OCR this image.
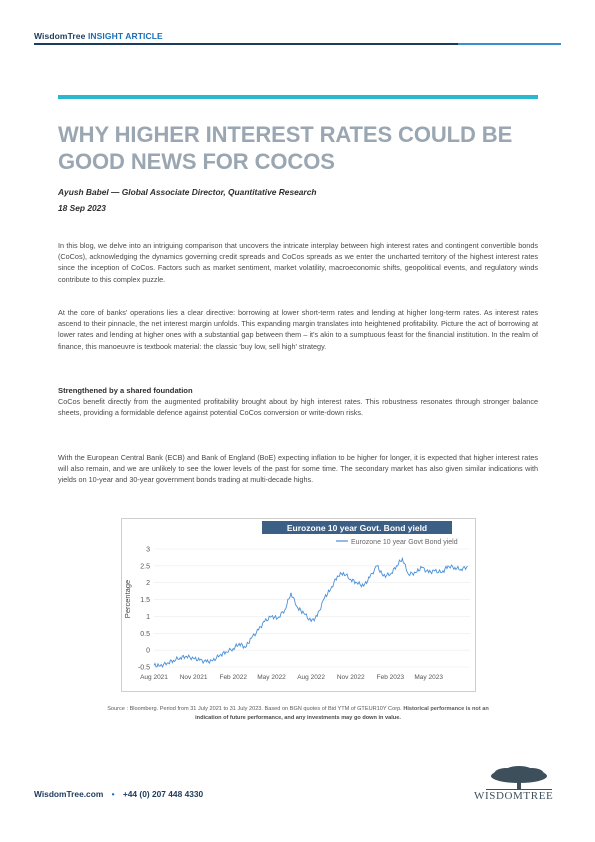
WisdomTree INSIGHT ARTICLE
WHY HIGHER INTEREST RATES COULD BE GOOD NEWS FOR COCOS
Ayush Babel — Global Associate Director, Quantitative Research
18 Sep 2023

In this blog, we delve into an intriguing comparison that uncovers the intricate interplay between high interest rates and contingent convertible bonds (CoCos), acknowledging the dynamics governing credit spreads and CoCos spreads as we enter the uncharted territory of the highest interest rates since the inception of CoCos. Factors such as market sentiment, market volatility, macroeconomic shifts, geopolitical events, and regulatory winds contribute to this complex puzzle.

At the core of banks' operations lies a clear directive: borrowing at lower short-term rates and lending at higher long-term rates. As interest rates ascend to their pinnacle, the net interest margin unfolds. This expanding margin translates into heightened profitability. Picture the act of borrowing at lower rates and lending at higher ones with a substantial gap between them – it's akin to a sumptuous feast for the financial institution. In the realm of finance, this manoeuvre is textbook material: the classic 'buy low, sell high' strategy.

Strengthened by a shared foundation

CoCos benefit directly from the augmented profitability brought about by high interest rates. This robustness resonates through stronger balance sheets, providing a formidable defence against potential CoCos conversion or write-down risks.

With the European Central Bank (ECB) and Bank of England (BoE) expecting inflation to be higher for longer, it is expected that higher interest rates will also remain, and we are unlikely to see the lower levels of the past for some time. The secondary market has also given similar indications with yields on 10-year and 30-year government bonds trading at multi-decade highs.

Eurozone 10 year Govt. Bond yield
Percentage
Eurozone 10 year Govt Bond yield
-0.5
0
0.5
1
1.5
2
2.5
3
Aug 2021 Nov 2021 Feb 2022 May 2022 Aug 2022 Nov 2022 Feb 2023 May 2023
Source : Bloomberg. Period from 31 July 2021 to 31 July 2023. Based on BGN quotes of Bid YTM of GTEUR10Y Corp. Historical performance is not an
indication of future performance, and any investments may go down in value.
WisdomTree.com • +44 (0) 207 448 4330	WISDOMTREE
